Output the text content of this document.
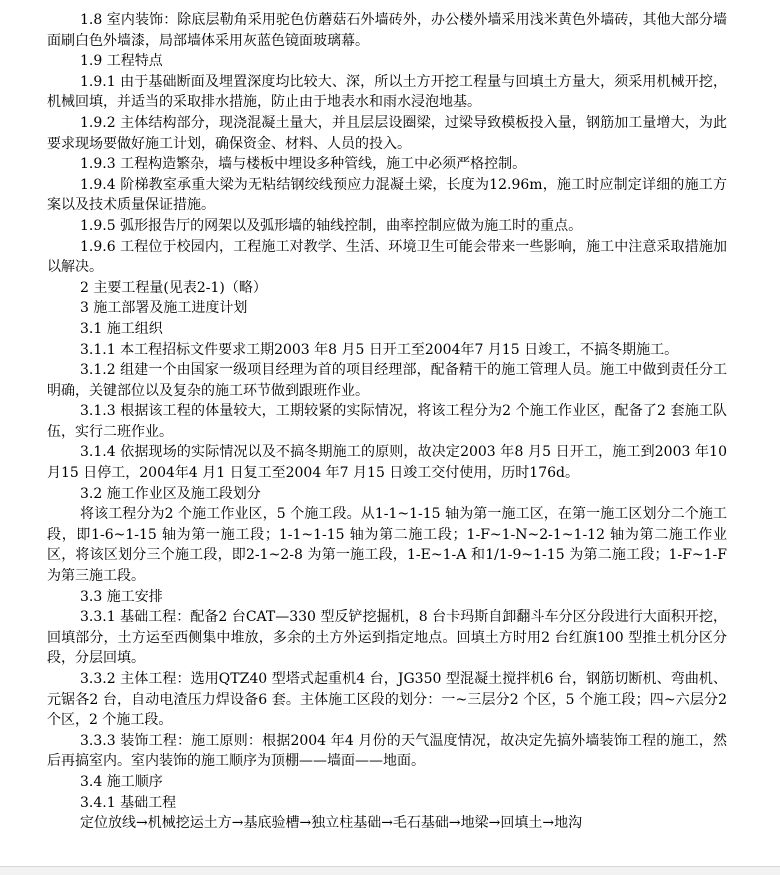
1.8 室内装饰：除底层勒角采用驼色仿蘑菇石外墙砖外，办公楼外墙采用浅米黄色外墙砖，其他大部分墙面刷白色外墙漆，局部墙体采用灰蓝色镜面玻璃幕。

1.9 工程特点

1.9.1 由于基础断面及埋置深度均比较大、深，所以土方开挖工程量与回填土方量大，须采用机械开挖，机械回填，并适当的采取排水措施，防止由于地表水和雨水浸泡地基。

1.9.2 主体结构部分，现浇混凝土量大，并且层层设圈梁，过梁导致模板投入量，钢筋加工量增大，为此要求现场要做好施工计划，确保资金、材料、人员的投入。

1.9.3 工程构造繁杂，墙与楼板中埋设多种管线，施工中必须严格控制。

1.9.4 阶梯教室承重大梁为无粘结钢绞线预应力混凝土梁，长度为12.96m，施工时应制定详细的施工方案以及技术质量保证措施。

1.9.5 弧形报告厅的网架以及弧形墙的轴线控制，曲率控制应做为施工时的重点。

1.9.6 工程位于校园内，工程施工对教学、生活、环境卫生可能会带来一些影响，施工中注意采取措施加以解决。

2 主要工程量(见表2-1)（略）

3 施工部署及施工进度计划

3.1 施工组织

3.1.1 本工程招标文件要求工期2003 年8 月5 日开工至2004年7 月15 日竣工，不搞冬期施工。

3.1.2 组建一个由国家一级项目经理为首的项目经理部，配备精干的施工管理人员。施工中做到责任分工明确，关键部位以及复杂的施工环节做到跟班作业。

3.1.3 根据该工程的体量较大，工期较紧的实际情况，将该工程分为2 个施工作业区，配备了2 套施工队伍，实行二班作业。

3.1.4 依据现场的实际情况以及不搞冬期施工的原则，故决定2003 年8 月5 日开工，施工到2003 年10 月15 日停工，2004年4 月1 日复工至2004 年7 月15 日竣工交付使用，历时176d。

3.2 施工作业区及施工段划分

将该工程分为2 个施工作业区，5 个施工段。从1-1~1-15 轴为第一施工区，在第一施工区划分二个施工段，即1-6~1-15 轴为第一施工段；1-1~1-15 轴为第二施工段；1-F~1-N~2-1~1-12 轴为第二施工作业区，将该区划分三个施工段，即2-1~2-8 为第一施工段，1-E~1-A 和1/1-9~1-15 为第二施工段；1-F~1-F 为第三施工段。

3.3 施工安排

3.3.1 基础工程：配备2 台CAT—330 型反铲挖掘机，8 台卡玛斯自卸翻斗车分区分段进行大面积开挖，回填部分，土方运至西侧集中堆放，多余的土方外运到指定地点。回填土方时用2 台红旗100 型推土机分区分段，分层回填。

3.3.2 主体工程：选用QTZ40 型塔式起重机4 台，JG350 型混凝土搅拌机6 台，钢筋切断机、弯曲机、元锯各2 台，自动电渣压力焊设备6 套。主体施工区段的划分：一~三层分2 个区，5 个施工段；四~六层分2 个区，2 个施工段。

3.3.3 装饰工程：施工原则：根据2004 年4 月份的天气温度情况，故决定先搞外墙装饰工程的施工，然后再搞室内。室内装饰的施工顺序为顶棚——墙面——地面。

3.4 施工顺序

3.4.1 基础工程

定位放线→机械挖运土方→基底验槽→独立柱基础→毛石基础→地梁→回填土→地沟
